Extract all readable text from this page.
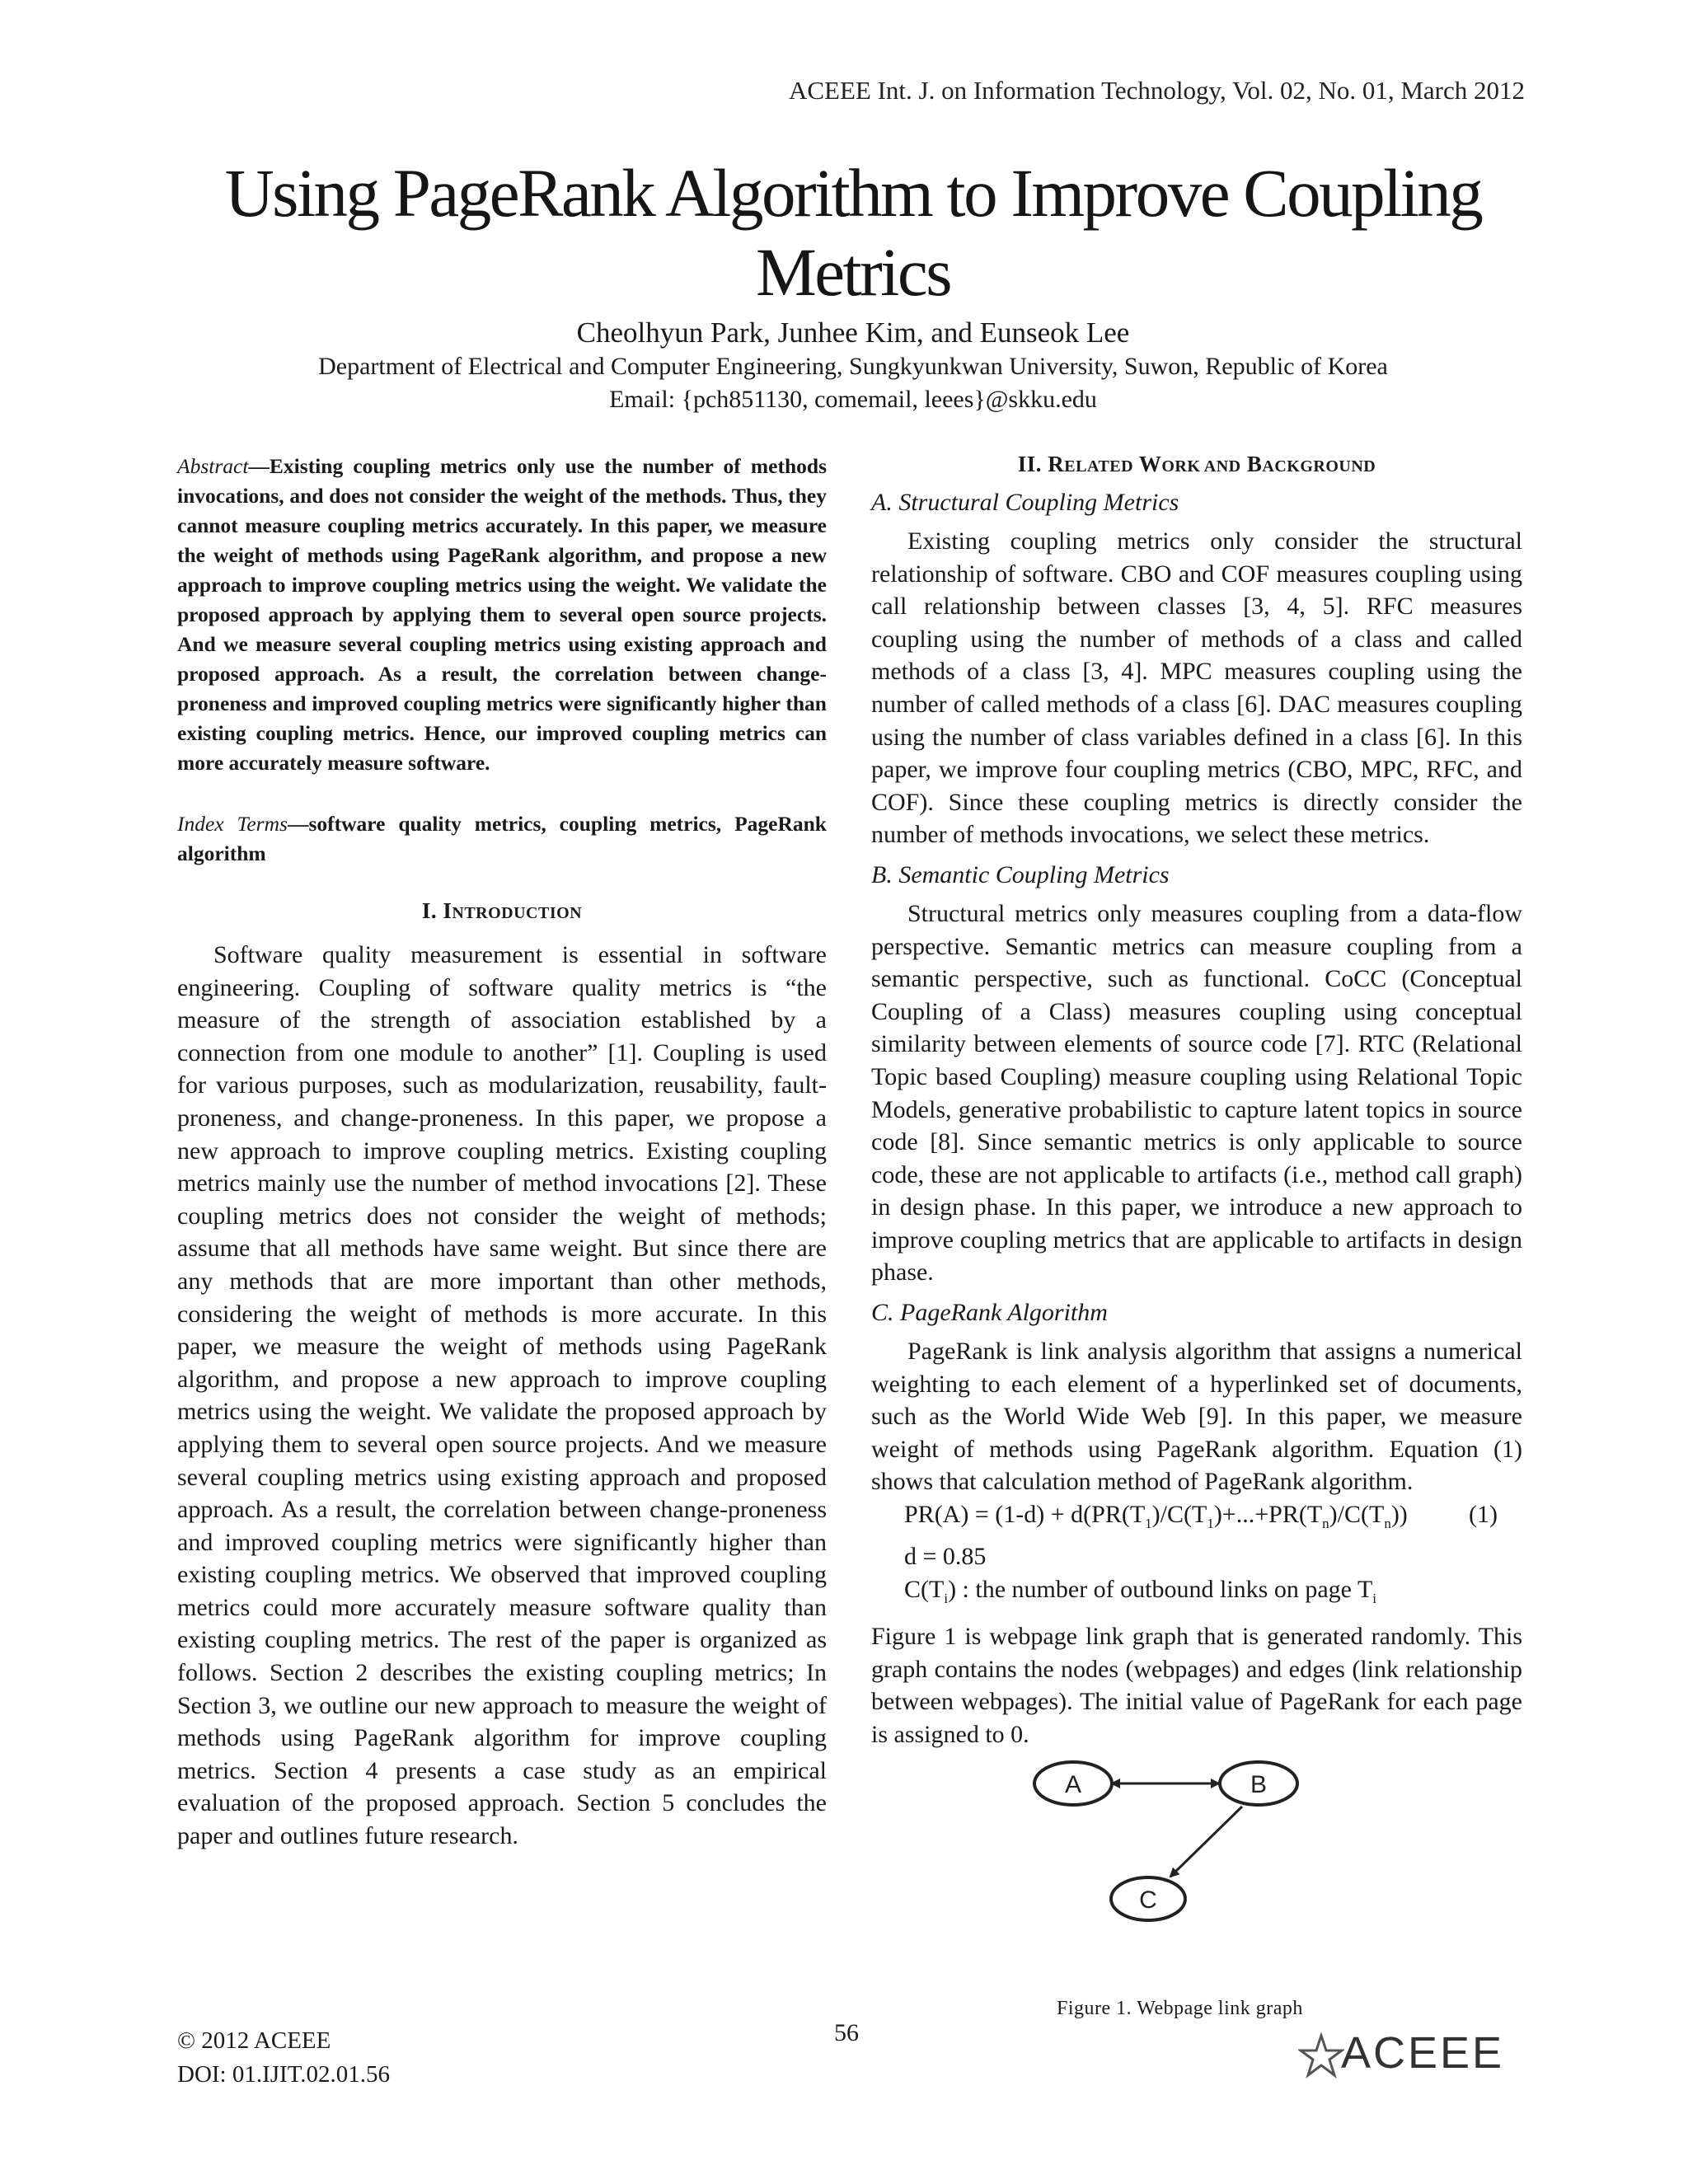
ACEEE Int. J. on Information Technology, Vol. 02, No. 01, March 2012
Using PageRank Algorithm to Improve Coupling
Metrics
Cheolhyun Park, Junhee Kim, and Eunseok Lee
Department of Electrical and Computer Engineering, Sungkyunkwan University, Suwon, Republic of Korea
Email: {pch851130, comemail, leees}@skku.edu

Abstract—Existing coupling metrics only use the number of methods invocations, and does not consider the weight of the methods. Thus, they cannot measure coupling metrics accurately. In this paper, we measure the weight of methods using PageRank algorithm, and propose a new approach to improve coupling metrics using the weight. We validate the proposed approach by applying them to several open source projects. And we measure several coupling metrics using existing approach and proposed approach. As a result, the correlation between change-proneness and improved coupling metrics were significantly higher than existing coupling metrics. Hence, our improved coupling metrics can more accurately measure software.

Index Terms—software quality metrics, coupling metrics, PageRank algorithm

I. INTRODUCTION

Software quality measurement is essential in software engineering. Coupling of software quality metrics is “the measure of the strength of association established by a connection from one module to another” [1]. Coupling is used for various purposes, such as modularization, reusability, fault-proneness, and change-proneness. In this paper, we propose a new approach to improve coupling metrics. Existing coupling metrics mainly use the number of method invocations [2]. These coupling metrics does not consider the weight of methods; assume that all methods have same weight. But since there are any methods that are more important than other methods, considering the weight of methods is more accurate. In this paper, we measure the weight of methods using PageRank algorithm, and propose a new approach to improve coupling metrics using the weight. We validate the proposed approach by applying them to several open source projects. And we measure several coupling metrics using existing approach and proposed approach. As a result, the correlation between change-proneness and improved coupling metrics were significantly higher than existing coupling metrics. We observed that improved coupling metrics could more accurately measure software quality than existing coupling metrics. The rest of the paper is organized as follows. Section 2 describes the existing coupling metrics; In Section 3, we outline our new approach to measure the weight of methods using PageRank algorithm for improve coupling metrics. Section 4 presents a case study as an empirical evaluation of the proposed approach. Section 5 concludes the paper and outlines future research.

II. RELATED WORK AND BACKGROUND

A. Structural Coupling Metrics

Existing coupling metrics only consider the structural relationship of software. CBO and COF measures coupling using call relationship between classes [3, 4, 5]. RFC measures coupling using the number of methods of a class and called methods of a class [3, 4]. MPC measures coupling using the number of called methods of a class [6]. DAC measures coupling using the number of class variables defined in a class [6]. In this paper, we improve four coupling metrics (CBO, MPC, RFC, and COF). Since these coupling metrics is directly consider the number of methods invocations, we select these metrics.

B. Semantic Coupling Metrics

Structural metrics only measures coupling from a data-flow perspective. Semantic metrics can measure coupling from a semantic perspective, such as functional. CoCC (Conceptual Coupling of a Class) measures coupling using conceptual similarity between elements of source code [7]. RTC (Relational Topic based Coupling) measure coupling using Relational Topic Models, generative probabilistic to capture latent topics in source code [8]. Since semantic metrics is only applicable to source code, these are not applicable to artifacts (i.e., method call graph) in design phase. In this paper, we introduce a new approach to improve coupling metrics that are applicable to artifacts in design phase.

C. PageRank Algorithm

PageRank is link analysis algorithm that assigns a numerical weighting to each element of a hyperlinked set of documents, such as the World Wide Web [9]. In this paper, we measure weight of methods using PageRank algorithm. Equation (1) shows that calculation method of PageRank algorithm.

$PR(A) = (1-d) + d(PR(T_1)/C(T_1)+...+PR(T_n)/C(T_n))$ (1)

d = 0.85

$C(T_i)$ : the number of outbound links on page $T_i$

Figure 1 is webpage link graph that is generated randomly. This graph contains the nodes (webpages) and edges (link relationship between webpages). The initial value of PageRank for each page is assigned to 0.

A	B
C
Figure 1. Webpage link graph
© 2012 ACEEE
DOI: 01.IJIT.02.01.56
56	ACEEE
